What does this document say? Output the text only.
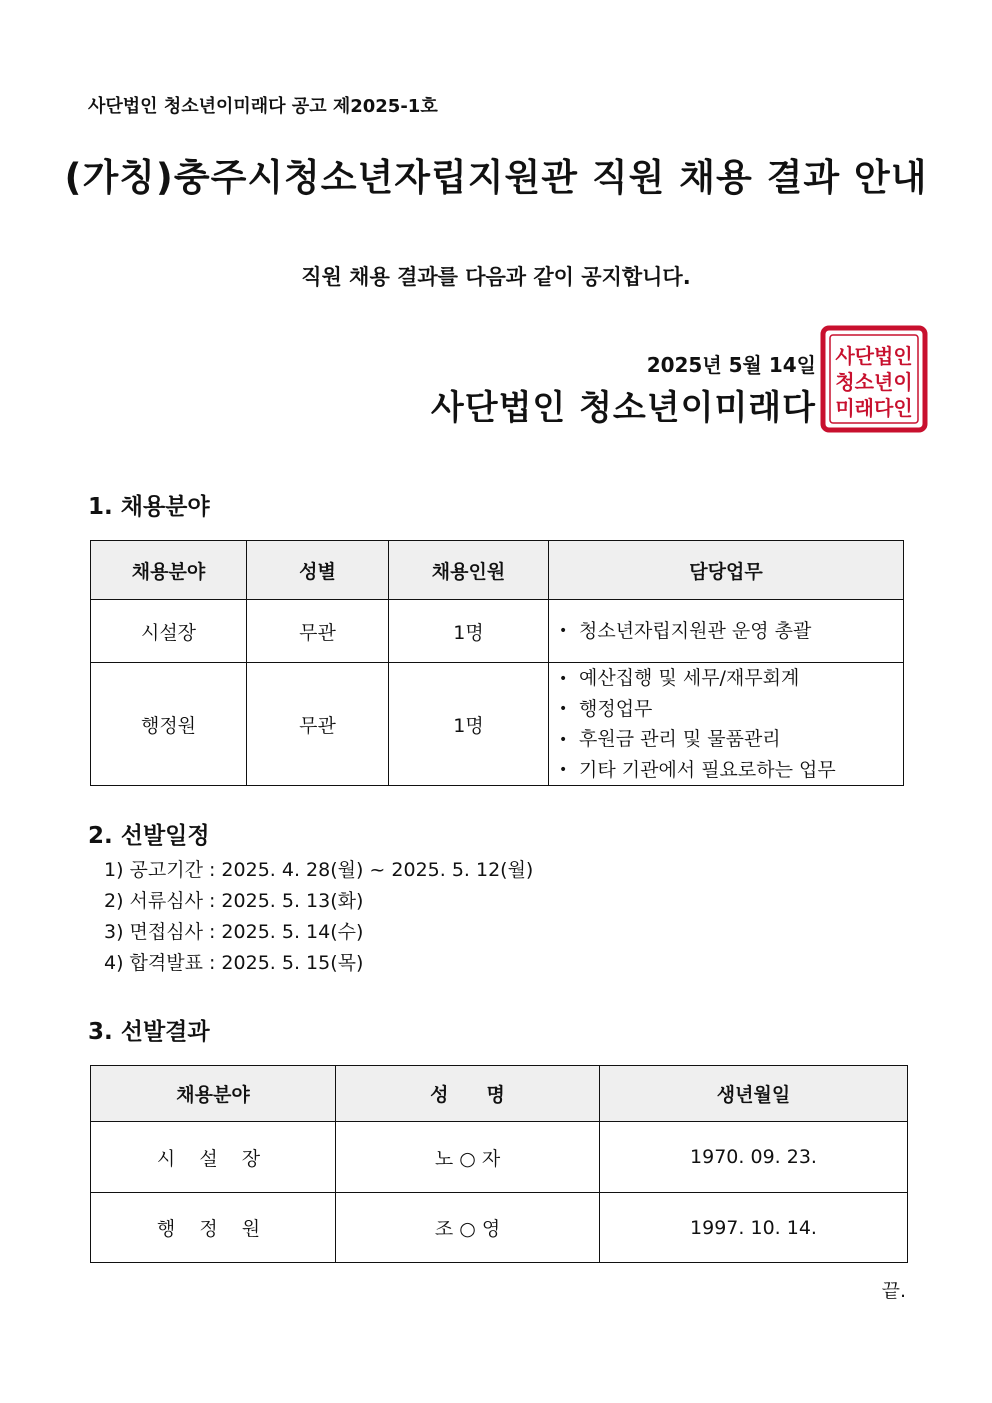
사단법인 청소년이미래다 공고 제2025-1호
(가칭)충주시청소년자립지원관 직원 채용 결과 안내
직원 채용 결과를 다음과 같이 공지합니다.
2025년 5월 14일
사단법인 청소년이미래다
사단법인
청소년이
미래다인
1. 채용분야
채용분야	성별	채용인원	담당업무
시설장	무관	1명	• 청소년자립지원관 운영 총괄

행정원	무관	1명	• 예산집행 및 세무/재무회계
• 행정업무
• 후원금 관리 및 물품관리
• 기타 기관에서 필요로하는 업무
2. 선발일정
1) 공고기간 : 2025. 4. 28(월) ~ 2025. 5. 12(월)
2) 서류심사 : 2025. 5. 13(화)
3) 면접심사 : 2025. 5. 14(수)
4) 합격발표 : 2025. 5. 15(목)
3. 선발결과
채용분야	성　　명	생년월일
시 설 장	노 ○ 자	1970. 09. 23.
행 정 원	조 ○ 영	1997. 10. 14.
끝.
